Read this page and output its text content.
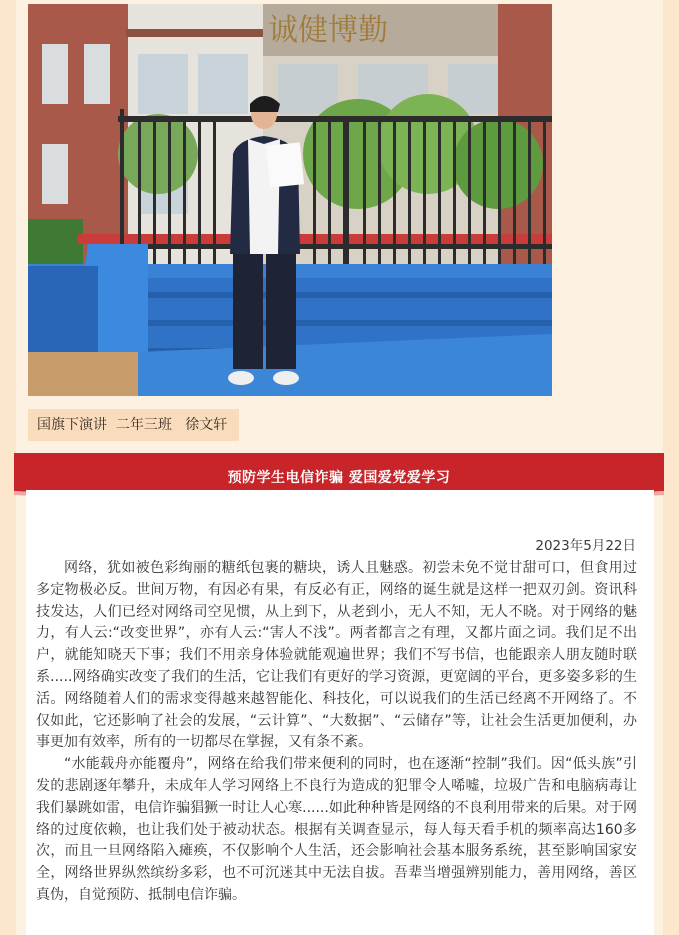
诚健博勤
国旗下演讲  二年三班   徐文轩
预防学生电信诈骗 爱国爱党爱学习
2023年5月22日

网络，犹如被色彩绚丽的糖纸包裹的糖块，诱人且魅惑。初尝未免不觉甘甜可口，但食用过多定物极必反。世间万物，有因必有果，有反必有正，网络的诞生就是这样一把双刃剑。资讯科技发达，人们已经对网络司空见惯，从上到下，从老到小，无人不知，无人不晓。对于网络的魅力，有人云:“改变世界”，亦有人云:“害人不浅”。两者都言之有理，又都片面之词。我们足不出户，就能知晓天下事；我们不用亲身体验就能观遍世界；我们不写书信，也能跟亲人朋友随时联系.....网络确实改变了我们的生活，它让我们有更好的学习资源，更宽阔的平台，更多姿多彩的生活。网络随着人们的需求变得越来越智能化、科技化，可以说我们的生活已经离不开网络了。不仅如此，它还影响了社会的发展，“云计算”、“大数据”、“云储存”等，让社会生活更加便利，办事更加有效率，所有的一切都尽在掌握，又有条不紊。

“水能载舟亦能覆舟”，网络在给我们带来便利的同时，也在逐渐“控制”我们。因“低头族”引发的悲剧逐年攀升，未成年人学习网络上不良行为造成的犯罪令人唏嘘，垃圾广告和电脑病毒让我们暴跳如雷，电信诈骗猖獗一时让人心寒......如此种种皆是网络的不良利用带来的后果。对于网络的过度依赖，也让我们处于被动状态。根据有关调查显示，每人每天看手机的频率高达160多次，而且一旦网络陷入瘫痪，不仅影响个人生活，还会影响社会基本服务系统，甚至影响国家安全，网络世界纵然缤纷多彩，也不可沉迷其中无法自拔。吾辈当增强辨别能力，善用网络，善区真伪，自觉预防、抵制电信诈骗。
